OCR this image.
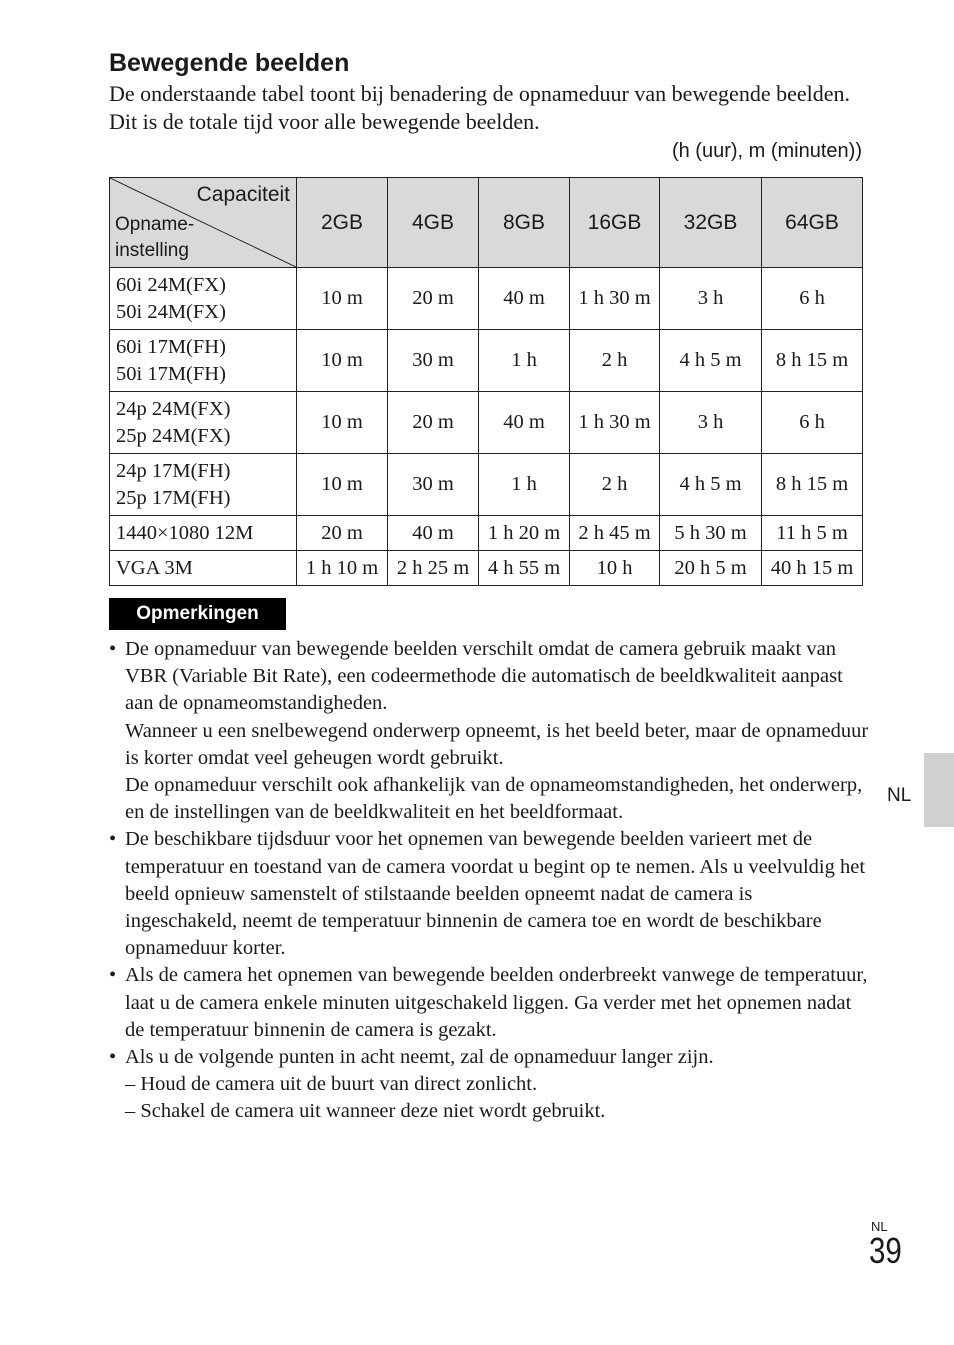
Bewegende beelden
De onderstaande tabel toont bij benadering de opnameduur van bewegende beelden. Dit is de totale tijd voor alle bewegende beelden.
(h (uur), m (minuten))
Capaciteit
Opname-
instelling	2GB	4GB	8GB	16GB	32GB	64GB
60i 24M(FX)
50i 24M(FX)	10 m	20 m	40 m	1 h 30 m	3 h	6 h
60i 17M(FH)
50i 17M(FH)	10 m	30 m	1 h	2 h	4 h 5 m	8 h 15 m
24p 24M(FX)
25p 24M(FX)	10 m	20 m	40 m	1 h 30 m	3 h	6 h
24p 17M(FH)
25p 17M(FH)	10 m	30 m	1 h	2 h	4 h 5 m	8 h 15 m
1440×1080 12M	20 m	40 m	1 h 20 m	2 h 45 m	5 h 30 m	11 h 5 m
VGA 3M	1 h 10 m	2 h 25 m	4 h 55 m	10 h	20 h 5 m	40 h 15 m
Opmerkingen
• De opnameduur van bewegende beelden verschilt omdat de camera gebruik maakt van VBR (Variable Bit Rate), een codeermethode die automatisch de beeldkwaliteit aanpast aan de opnameomstandigheden.

Wanneer u een snelbewegend onderwerp opneemt, is het beeld beter, maar de opnameduur is korter omdat veel geheugen wordt gebruikt.

De opnameduur verschilt ook afhankelijk van de opnameomstandigheden, het onderwerp, en de instellingen van de beeldkwaliteit en het beeldformaat.

• De beschikbare tijdsduur voor het opnemen van bewegende beelden varieert met de temperatuur en toestand van de camera voordat u begint op te nemen. Als u veelvuldig het beeld opnieuw samenstelt of stilstaande beelden opneemt nadat de camera is ingeschakeld, neemt de temperatuur binnenin de camera toe en wordt de beschikbare opnameduur korter.

• Als de camera het opnemen van bewegende beelden onderbreekt vanwege de temperatuur, laat u de camera enkele minuten uitgeschakeld liggen. Ga verder met het opnemen nadat de temperatuur binnenin de camera is gezakt.

• Als u de volgende punten in acht neemt, zal de opnameduur langer zijn.

– Houd de camera uit de buurt van direct zonlicht.

– Schakel de camera uit wanneer deze niet wordt gebruikt.

NL
NL
39
